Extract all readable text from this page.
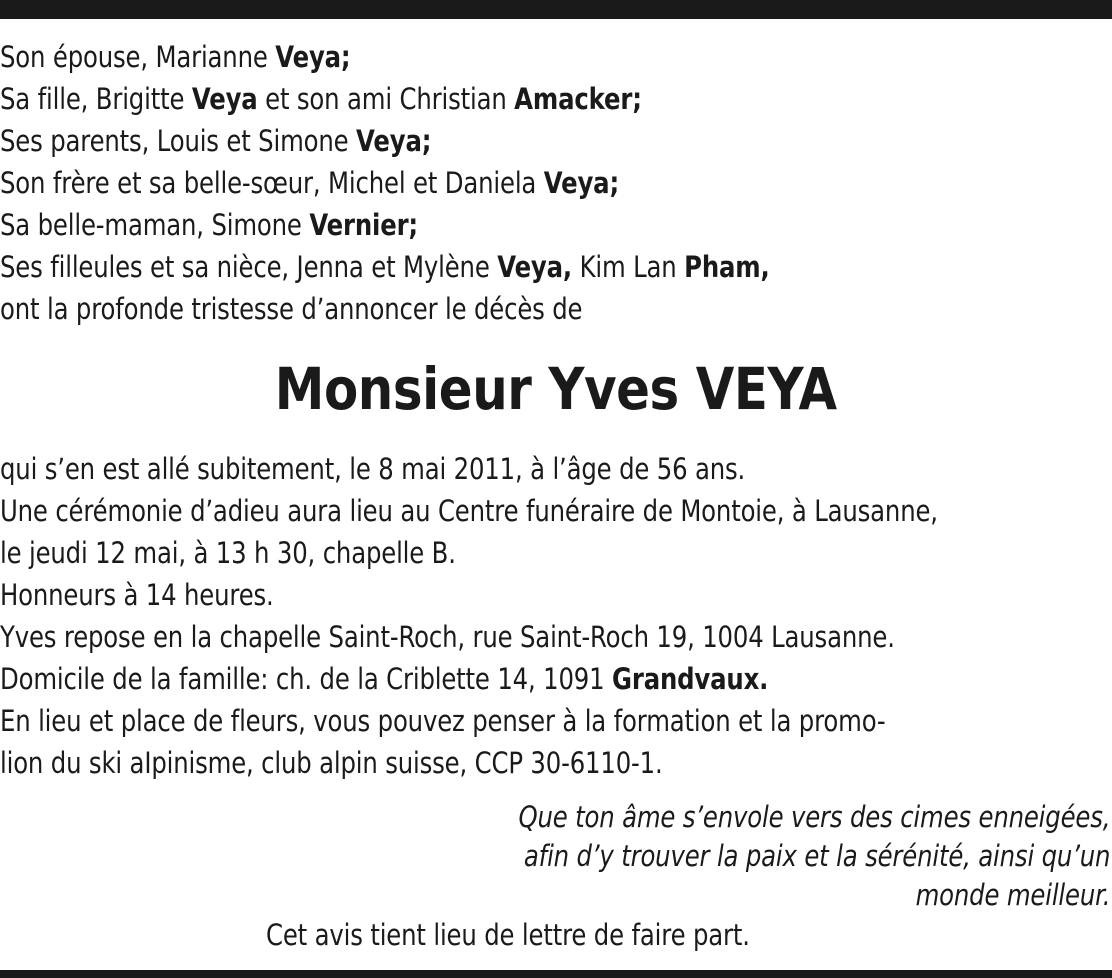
Son épouse, Marianne Veya;
Sa fille, Brigitte Veya et son ami Christian Amacker;
Ses parents, Louis et Simone Veya;
Son frère et sa belle-sœur, Michel et Daniela Veya;
Sa belle-maman, Simone Vernier;
Ses filleules et sa nièce, Jenna et Mylène Veya, Kim Lan Pham,
ont la profonde tristesse d’annoncer le décès de
Monsieur Yves VEYA
qui s’en est allé subitement, le 8 mai 2011, à l’âge de 56 ans.
Une cérémonie d’adieu aura lieu au Centre funéraire de Montoie, à Lausanne,
le jeudi 12 mai, à 13 h 30, chapelle B.
Honneurs à 14 heures.
Yves repose en la chapelle Saint-Roch, rue Saint-Roch 19, 1004 Lausanne.
Domicile de la famille: ch. de la Criblette 14, 1091 Grandvaux.
En lieu et place de fleurs, vous pouvez penser à la formation et la promo-
lion du ski aIpinisme, club alpin suisse, CCP 30-6110-1.
Que ton âme s’envole vers des cimes enneigées,
afin d’y trouver la paix et la sérénité, ainsi qu’un
monde meilleur.
Cet avis tient lieu de lettre de faire part.
